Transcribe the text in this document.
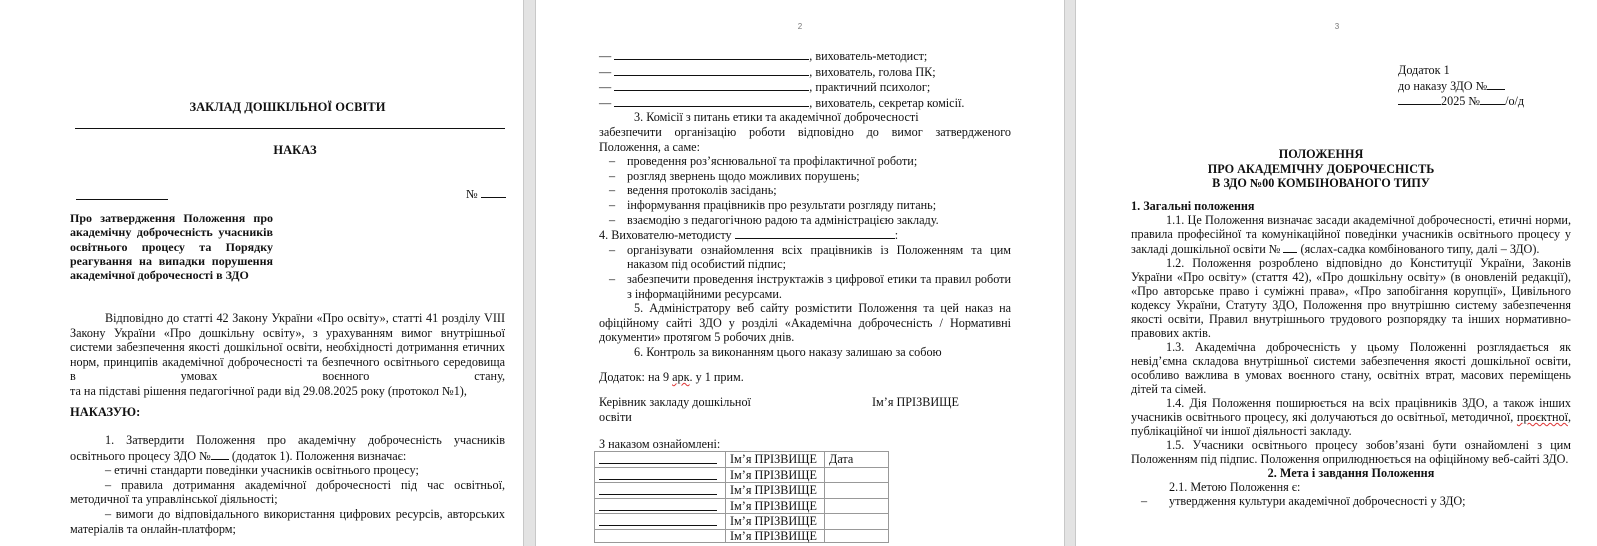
ЗАКЛАД ДОШКІЛЬНОЇ ОСВІТИ
НАКАЗ
№
Про затвердження Положення про академічну доброчесність учасників освітнього процесу та Порядку реагування на випадки порушення академічної доброчесності в ЗДО

Відповідно до статті 42 Закону України «Про освіту», статті 41 розділу VIII Закону України «Про дошкільну освіту», з урахуванням вимог внутрішньої системи забезпечення якості дошкільної освіти, необхідності дотримання етичних норм, принципів академічної доброчесності та безпечного освітнього середовища в умовах воєнного стану,

та на підставі рішення педагогічної ради від 29.08.2025 року (протокол №1),

НАКАЗУЮ:

1. Затвердити Положення про академічну доброчесність учасників освітнього процесу ЗДО № (додаток 1). Положення визначає:

– етичні стандарти поведінки учасників освітнього процесу;

– правила дотримання академічної доброчесності під час освітньої, методичної та управлінської діяльності;

– вимоги до відповідального використання цифрових ресурсів, авторських матеріалів та онлайн-платформ;

2

—	, вихователь-методист;

—	, вихователь, голова ПК;

—	, практичний психолог;

—	, вихователь, секретар комісії.

3. Комісії з питань етики та академічної доброчесності

забезпечити організацію роботи відповідно до вимог затвердженого Положення, а саме:

– проведення роз’яснювальної та профілактичної роботи;
– розгляд звернень щодо можливих порушень;
– ведення протоколів засідань;
– інформування працівників про результати розгляду питань;
– взаємодію з педагогічною радою та адміністрацією закладу.

4. Вихователю-методисту	:

– організувати ознайомлення всіх працівників із Положенням та цим наказом під особистий підпис;
– забезпечити проведення інструктажів з цифрової етики та правил роботи з інформаційними ресурсами.

5. Адміністратору веб сайту розмістити Положення та цей наказ на офіційному сайті ЗДО у розділі «Академічна доброчесність / Нормативні документи» протягом 5 робочих днів.

6. Контроль за виконанням цього наказу залишаю за собою

Додаток: на 9 арк. у 1 прим.
Керівник закладу дошкільної освіти
Ім’я ПРІЗВИЩЕ
З наказом ознайомлені:
	Ім’я ПРІЗВИЩЕ	Дата
	Ім’я ПРІЗВИЩЕ	
	Ім’я ПРІЗВИЩЕ	
	Ім’я ПРІЗВИЩЕ	
	Ім’я ПРІЗВИЩЕ	
	Ім’я ПРІЗВИЩЕ	
3
Додаток 1
до наказу ЗДО №
2025 № /о/д
ПОЛОЖЕННЯ
ПРО АКАДЕМІЧНУ ДОБРОЧЕСНІСТЬ
В ЗДО №00 КОМБІНОВАНОГО ТИПУ

1. Загальні положення

1.1. Це Положення визначає засади академічної доброчесності, етичні норми, правила професійної та комунікаційної поведінки учасників освітнього процесу у закладі дошкільної освіти №  (яслах-садка комбінованого типу, далі – ЗДО).

1.2. Положення розроблено відповідно до Конституції України, Законів України «Про освіту» (стаття 42), «Про дошкільну освіту» (в оновленій редакції), «Про авторське право і суміжні права», «Про запобігання корупції», Цивільного кодексу України, Статуту ЗДО, Положення про внутрішню систему забезпечення якості освіти, Правил внутрішнього трудового розпорядку та інших нормативно-правових актів.

1.3. Академічна доброчесність у цьому Положенні розглядається як невід’ємна складова внутрішньої системи забезпечення якості дошкільної освіти, особливо важлива в умовах воєнного стану, освітніх втрат, масових переміщень дітей та сімей.

1.4. Дія Положення поширюється на всіх працівників ЗДО, а також інших учасників освітнього процесу, які долучаються до освітньої, методичної, проєктної, публікаційної чи іншої діяльності закладу.

1.5. Учасники освітнього процесу зобов’язані бути ознайомлені з цим Положенням під підпис. Положення оприлюднюється на офіційному веб-сайті ЗДО.

2. Мета і завдання Положення

2.1. Метою Положення є:

– утвердження культури академічної доброчесності у ЗДО;
